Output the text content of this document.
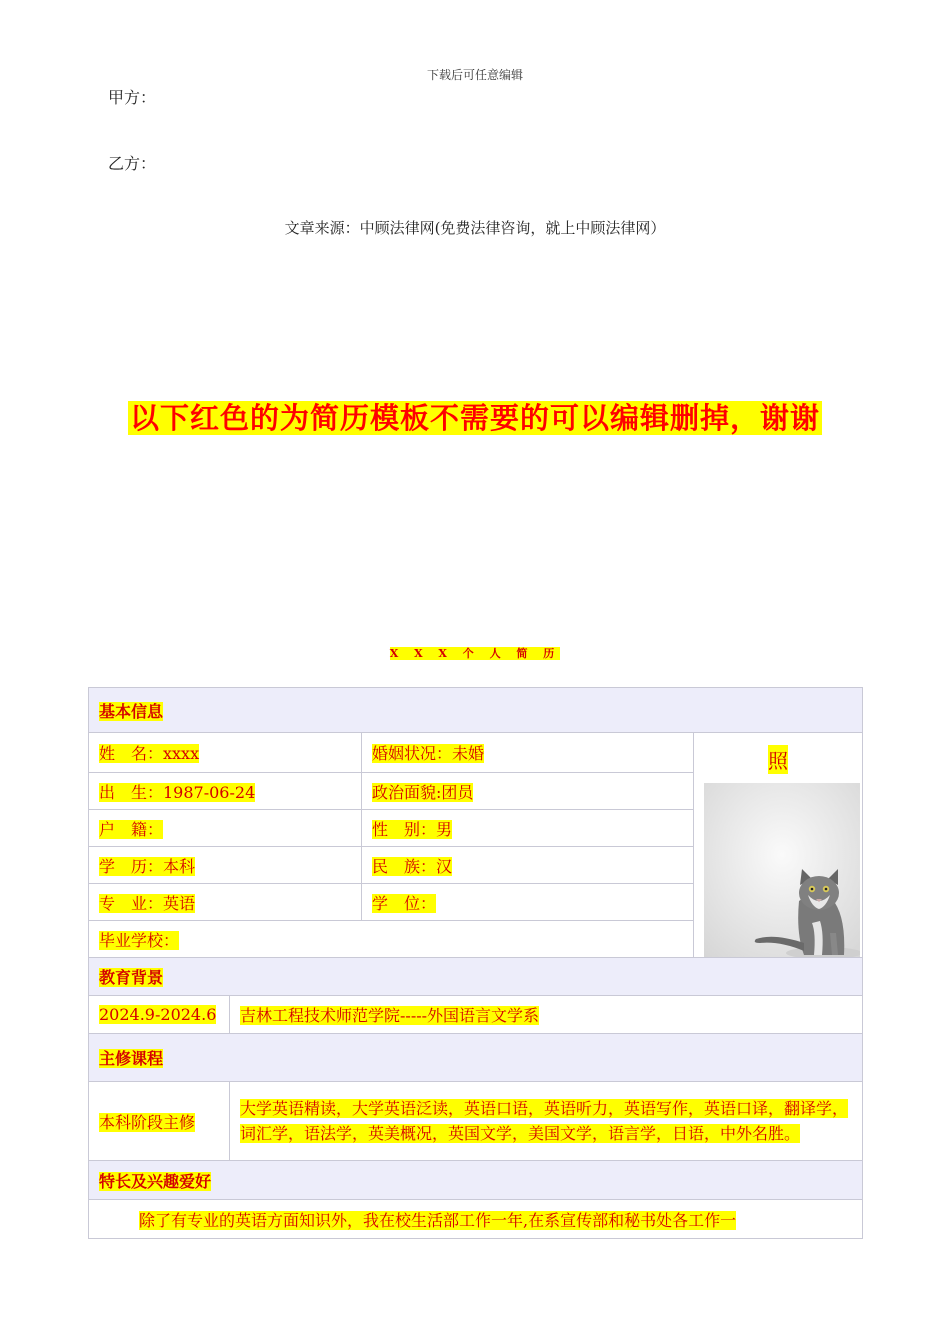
下载后可任意编辑
甲方：
乙方：
文章来源：中顾法律网(免费法律咨询，就上中顾法律网）
以下红色的为简历模板不需要的可以编辑删掉，谢谢
X X X 个 人 简 历
基本信息			
姓　名：xxxx		婚姻状况：未婚	照

出　生：1987-06-24		政治面貌:团员	
户　籍：		性　别：男	
学　历：本科		民　族：汉	
专　业：英语		学　位：	
毕业学校：			
教育背景			
2024.9-2024.6	吉林工程技术师范学院-----外国语言文学系		
主修课程			
本科阶段主修	大学英语精读，大学英语泛读，英语口语，英语听力，英语写作，英语口译，翻译学，词汇学，语法学，英美概况，英国文学，美国文学，语言学，日语，中外名胜。		
特长及兴趣爱好			
除了有专业的英语方面知识外，我在校生活部工作一年,在系宣传部和秘书处各工作一			
